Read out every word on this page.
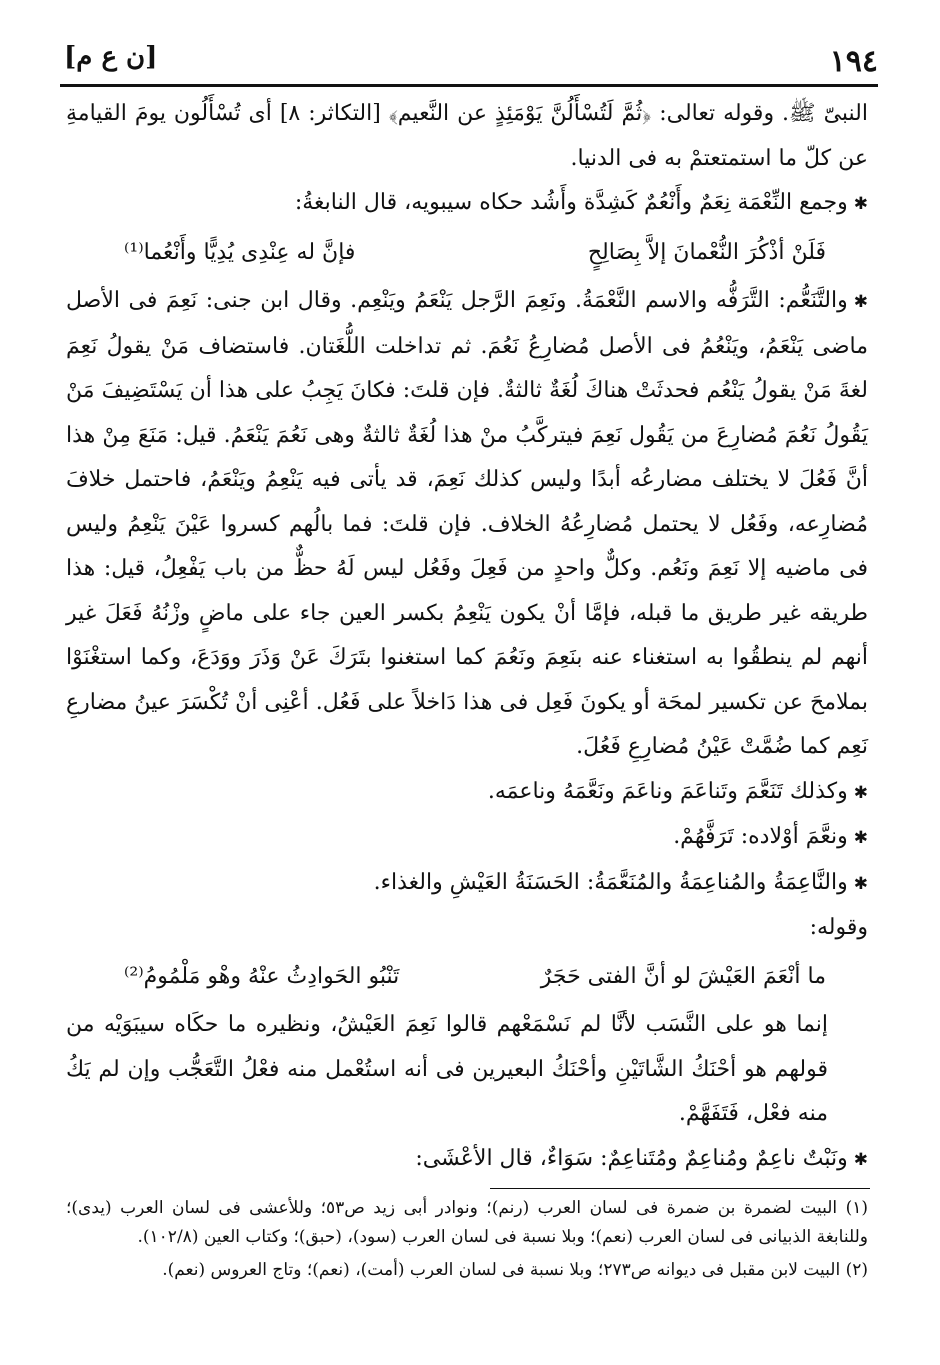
١٩٤
[ن ع م]

النبىّ ﷺ. وقوله تعالى: ﴿ثُمَّ لَتُسْأَلُنَّ يَوْمَئِذٍ عن النَّعيم﴾ [التكاثر: ٨] أى تُسْأَلُون يومَ القيامةِ عن كلّ ما استمتعتمْ به فى الدنيا.

✱ وجمع النِّعْمَة نِعَمٌ وأَنْعُمٌ كَشِدَّة وأَشُد حكاه سيبويه، قال النابغةُ:

فَلَنْ أذْكُرَ النُّعْمانَ إلاَّ بِصَالِحٍ
فإنَّ له عِنْدِى يُدِيًّا وأَنْعُما⁽¹⁾

✱ والتَّنَعُّم: التَّرَفُّه والاسم النَّعْمَةُ. ونَعِمَ الرَّجل يَنْعَمُ ويَنْعِم. وقال ابن جنى: نَعِمَ فى الأصل ماضى يَنْعَمُ، ويَنْعُمُ فى الأصل مُضارِعُ نَعُمَ. ثم تداخلت اللُّغَتان. فاستضاف مَنْ يقولُ نَعِمَ لغةَ مَنْ يقولُ يَنْعُم فحدثَتْ هناكَ لُغَةٌ ثالثةٌ. فإن قلتَ: فكانَ يَجِبُ على هذا أن يَسْتَضِيفَ مَنْ يَقُولُ نَعُمَ مُضارِعَ من يَقُول نَعِمَ فيتركَّبُ منْ هذا لُغَةٌ ثالثةٌ وهى نَعُمَ يَنْعَمُ. قيل: مَنَعَ مِنْ هذا أنَّ فَعُلَ لا يختلف مضارعُه أبدًا وليس كذلك نَعِمَ، قد يأتى فيه يَنْعِمُ ويَنْعَمُ، فاحتمل خلافَ مُضارِعه، وفَعُل لا يحتمل مُضارِعُهُ الخلاف. فإن قلتَ: فما بالُهم كسروا عَيْنَ يَنْعِمُ وليس فى ماضيه إلا نَعِمَ ونَعُم. وكلٌّ واحدٍ من فَعِلَ وفَعُل ليس لَهُ حظٌّ من باب يَفْعِلُ، قيل: هذا طريقه غير طريق ما قبله، فإمَّا أنْ يكون يَنْعِمُ بكسر العين جاء على ماضٍ وزْنُهُ فَعَلَ غير أنهم لم ينطقُوا به استغناء عنه بنَعِمَ ونَعُمَ كما استغنوا بتَرَكَ عَنْ وَذَرَ ووَدَعَ، وكما استغْنَوْا بملامحَ عن تكسير لمحَة أو يكونَ فَعِل فى هذا دَاخلاً على فَعُل. أعْنِى أنْ تُكْسَرَ عينُ مضارعِ نَعِم كما ضُمَّتْ عَيْنُ مُضارِعِ فَعُلَ.

✱ وكذلك تَنَعَّمَ وتَناعَمَ وناعَمَ ونَعَّمَهُ وناعمَه.

✱ ونعَّمَ أوْلاده: تَرَفَّهُمْ.

✱ والنَّاعِمَةُ والمُناعِمَةُ والمُنَعَّمَةُ: الحَسَنَةُ العَيْشِ والغذاء.

وقوله:

ما أنْعَمَ العَيْشَ لو أنَّ الفتى حَجَرٌ
تَنْبُو الحَوادِثُ عنْهُ وهْو مَلْمُومُ⁽²⁾

إنما هو على النَّسَب لأنَّا لم نَسْمَعْهم قالوا نَعِمَ العَيْشُ، ونظيره ما حكَاه سيبَوَيْه من قولهم هو أحْنَكُ الشَّاتَيْنِ وأحْنَكُ البعيرين فى أنه استُعْمل منه فعْلُ التَّعَجُّب وإن لم يَكُ منه فعْل، فَتَفَهَّمْ.

✱ ونَبْتٌ ناعِمٌ ومُناعِمٌ ومُتَناعِمٌ: سَوَاءٌ، قال الأعْشَى:

(١) البيت لضمرة بن ضمرة فى لسان العرب (رنم)؛ ونوادر أبى زيد ص٥٣؛ وللأعشى فى لسان العرب (يدى)؛ وللنابغة الذبيانى فى لسان العرب (نعم)؛ وبلا نسبة فى لسان العرب (سود)، (حبق)؛ وكتاب العين (١٠٢/٨).

(٢) البيت لابن مقبل فى ديوانه ص٢٧٣؛ وبلا نسبة فى لسان العرب (أمت)، (نعم)؛ وتاج العروس (نعم).
